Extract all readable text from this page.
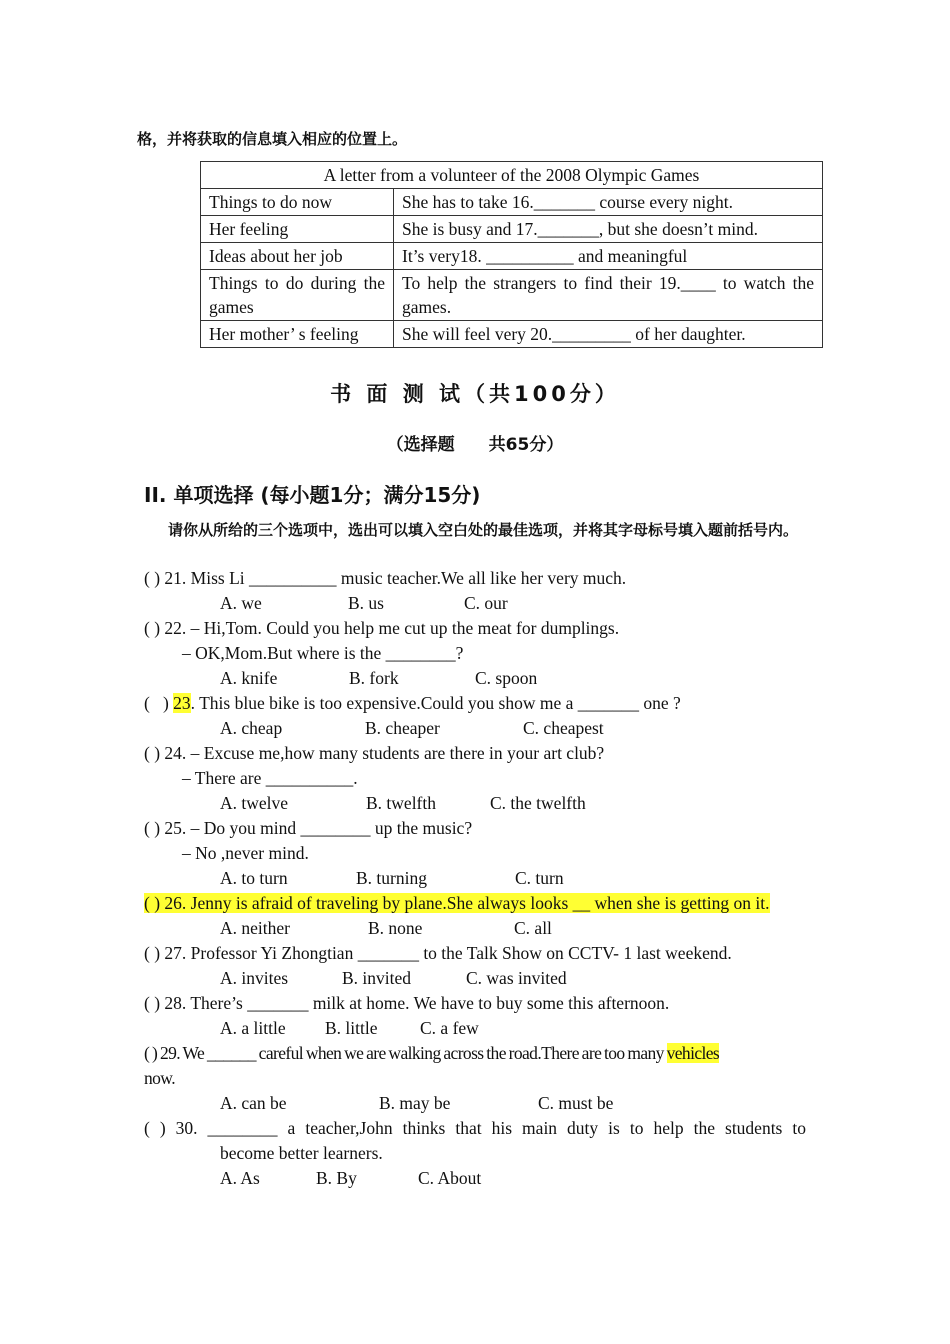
格，并将获取的信息填入相应的位置上。
A letter from a volunteer of the 2008 Olympic Games	
Things to do now	She has to take 16._______ course every night.
Her feeling	She is busy and 17._______, but she doesn’t mind.
Ideas about her job	It’s very18. __________ and meaningful
Things to do during the games	To help the strangers to find their 19.____ to watch the games.
Her mother’ s feeling	She will feel very 20._________ of her daughter.
书 面 测 试（共100分）
（选择题　　共65分）
II. 单项选择 (每小题1分；满分15分)
请你从所给的三个选项中，选出可以填入空白处的最佳选项，并将其字母标号填入题前括号内。
( ) 21. Miss Li __________ music teacher.We all like her very much.
A. we	B. us	C. our
( ) 22. – Hi,Tom. Could you help me cut up the meat for dumplings.
– OK,Mom.But where is the ________?
A. knife	B. fork	C. spoon
(   ) 23. This blue bike is too expensive.Could you show me a _______ one ?
A. cheap	B. cheaper	C. cheapest
( ) 24. – Excuse me,how many students are there in your art club?
– There are __________.
A. twelve	B. twelfth	C. the twelfth
( ) 25. – Do you mind ________ up the music?
– No ,never mind.
A. to turn	B. turning	C. turn
( ) 26. Jenny is afraid of traveling by plane.She always looks __ when she is getting on it.
A. neither	B. none	C. all
( ) 27. Professor Yi Zhongtian _______ to the Talk Show on CCTV- 1 last weekend.
A. invites	B. invited	C. was invited
( ) 28. There’s _______ milk at home. We have to buy some this afternoon.
A. a little B. little C. a few
( ) 29. We ______ careful when we are walking across the road.There are too many vehicles
now.
A. can be	B. may be	C. must be
( ) 30. ________ a teacher,John thinks that his main duty is to help the students to
become better learners.
A. As	B. By	C. About
